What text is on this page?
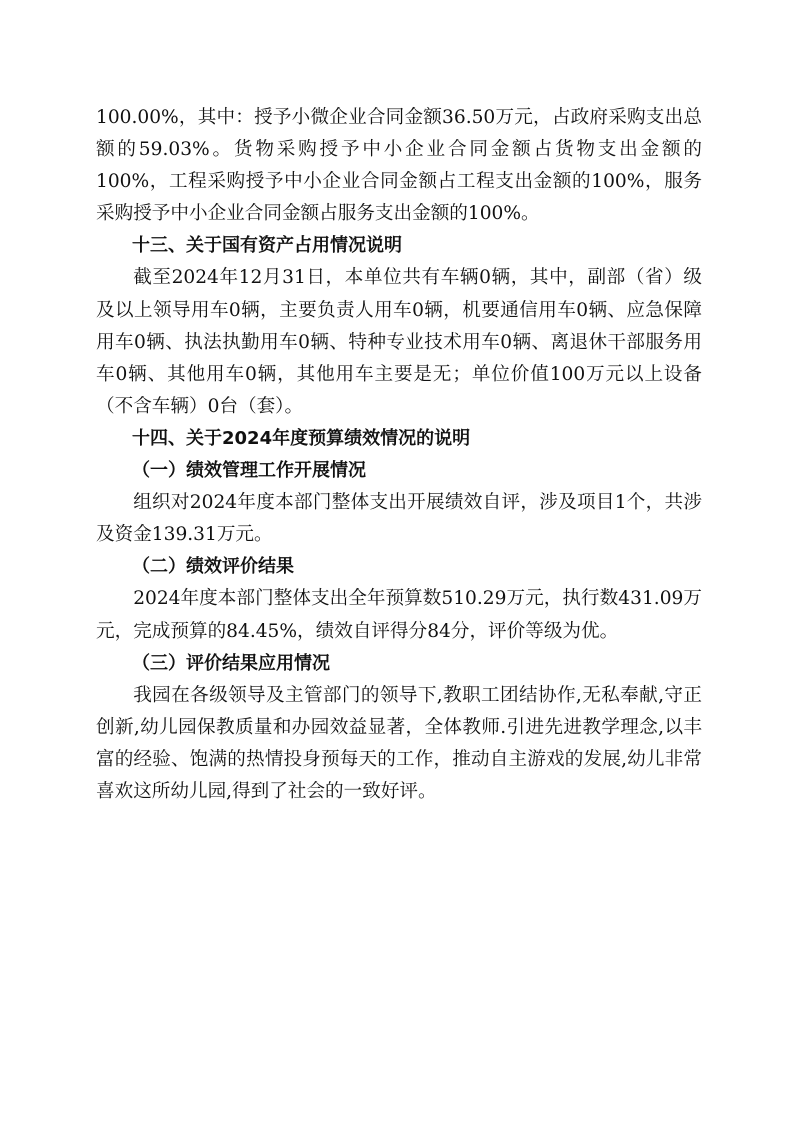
100.00%，其中：授予小微企业合同金额36.50万元，占政府采购支出总额的59.03%。货物采购授予中小企业合同金额占货物支出金额的100%，工程采购授予中小企业合同金额占工程支出金额的100%，服务采购授予中小企业合同金额占服务支出金额的100%。

十三、关于国有资产占用情况说明

截至2024年12月31日，本单位共有车辆0辆，其中，副部（省）级及以上领导用车0辆，主要负责人用车0辆，机要通信用车0辆、应急保障用车0辆、执法执勤用车0辆、特种专业技术用车0辆、离退休干部服务用车0辆、其他用车0辆，其他用车主要是无；单位价值100万元以上设备（不含车辆）0台（套）。

十四、关于2024年度预算绩效情况的说明

（一）绩效管理工作开展情况

组织对2024年度本部门整体支出开展绩效自评，涉及项目1个，共涉及资金139.31万元。

（二）绩效评价结果

2024年度本部门整体支出全年预算数510.29万元，执行数431.09万元，完成预算的84.45%，绩效自评得分84分，评价等级为优。

（三）评价结果应用情况

我园在各级领导及主管部门的领导下,教职工团结协作,无私奉献,守正创新,幼儿园保教质量和办园效益显著，全体教师.引进先进教学理念,以丰富的经验、饱满的热情投身预每天的工作，推动自主游戏的发展,幼儿非常喜欢这所幼儿园,得到了社会的一致好评。
